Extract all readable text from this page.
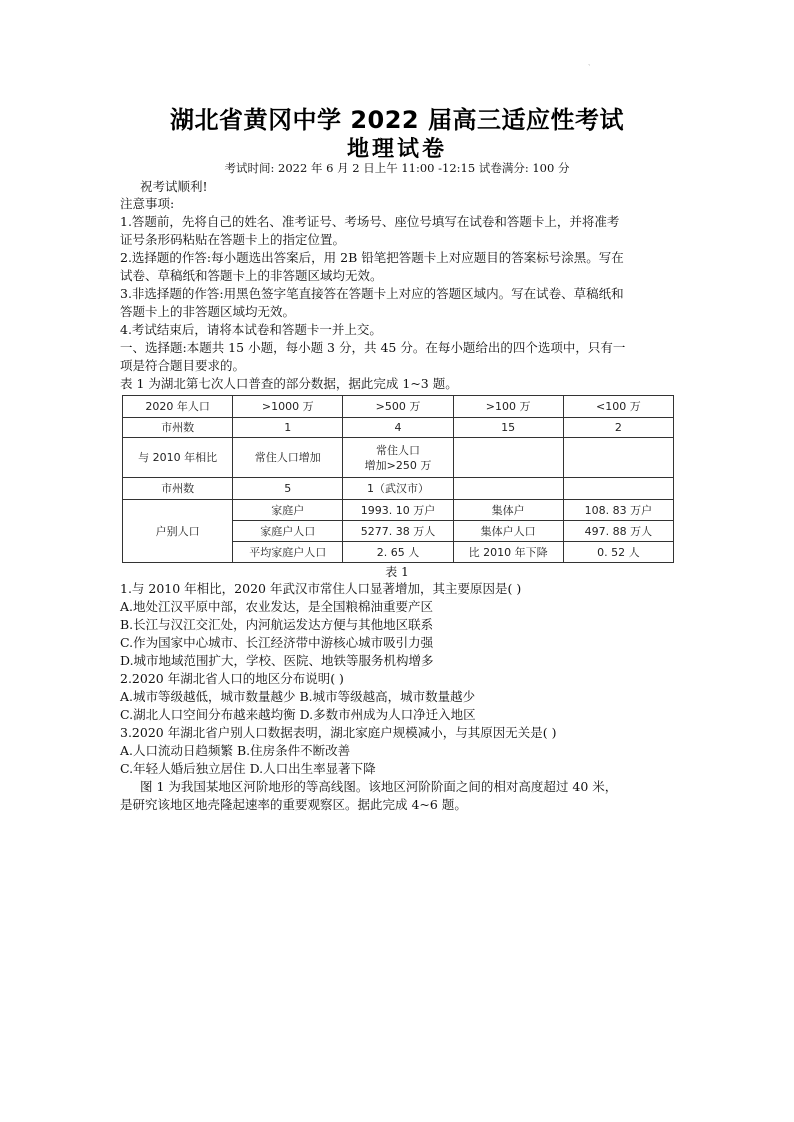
、
湖北省黄冈中学 2022 届高三适应性考试
地理试卷
考试时间: 2022 年 6 月 2 日上午 11:00 -12:15 试卷满分: 100 分
祝考试顺利!
注意事项:
1.答题前，先将自己的姓名、准考证号、考场号、座位号填写在试卷和答题卡上，并将准考
证号条形码粘贴在答题卡上的指定位置。
2.选择题的作答:每小题选出答案后，用 2B 铅笔把答题卡上对应题目的答案标号涂黑。写在
试卷、草稿纸和答题卡上的非答题区域均无效。
3.非选择题的作答:用黑色签字笔直接答在答题卡上对应的答题区域内。写在试卷、草稿纸和
答题卡上的非答题区域均无效。
4.考试结束后，请将本试卷和答题卡一并上交。
一、选择题:本题共 15 小题，每小题 3 分，共 45 分。在每小题给出的四个选项中，只有一
项是符合题目要求的。
表 1 为湖北第七次人口普查的部分数据，据此完成 1~3 题。
2020 年人口	>1000 万	>500 万	>100 万	<100 万
市州数	1	4	15	2
与 2010 年相比	常住人口增加	常住人口
增加>250 万		

市州数	5	1（武汉市）		
户别人口	家庭户	1993. 10 万户	集体户	108. 83 万户
	家庭户人口	5277. 38 万人	集体户人口	497. 88 万人
	平均家庭户人口	2. 65 人	比 2010 年下降	0. 52 人
表 1
1.与 2010 年相比，2020 年武汉市常住人口显著增加，其主要原因是( )
A.地处江汉平原中部，农业发达，是全国粮棉油重要产区
B.长江与汉江交汇处，内河航运发达方便与其他地区联系
C.作为国家中心城市、长江经济带中游核心城市吸引力强
D.城市地域范围扩大，学校、医院、地铁等服务机构增多
2.2020 年湖北省人口的地区分布说明( )
A.城市等级越低，城市数量越少 B.城市等级越高，城市数量越少
C.湖北人口空间分布越来越均衡 D.多数市州成为人口净迁入地区
3.2020 年湖北省户别人口数据表明，湖北家庭户规模减小，与其原因无关是( )
A.人口流动日趋频繁 B.住房条件不断改善
C.年轻人婚后独立居住 D.人口出生率显著下降
图 1 为我国某地区河阶地形的等高线图。该地区河阶阶面之间的相对高度超过 40 米，
是研究该地区地壳隆起速率的重要观察区。据此完成 4~6 题。
